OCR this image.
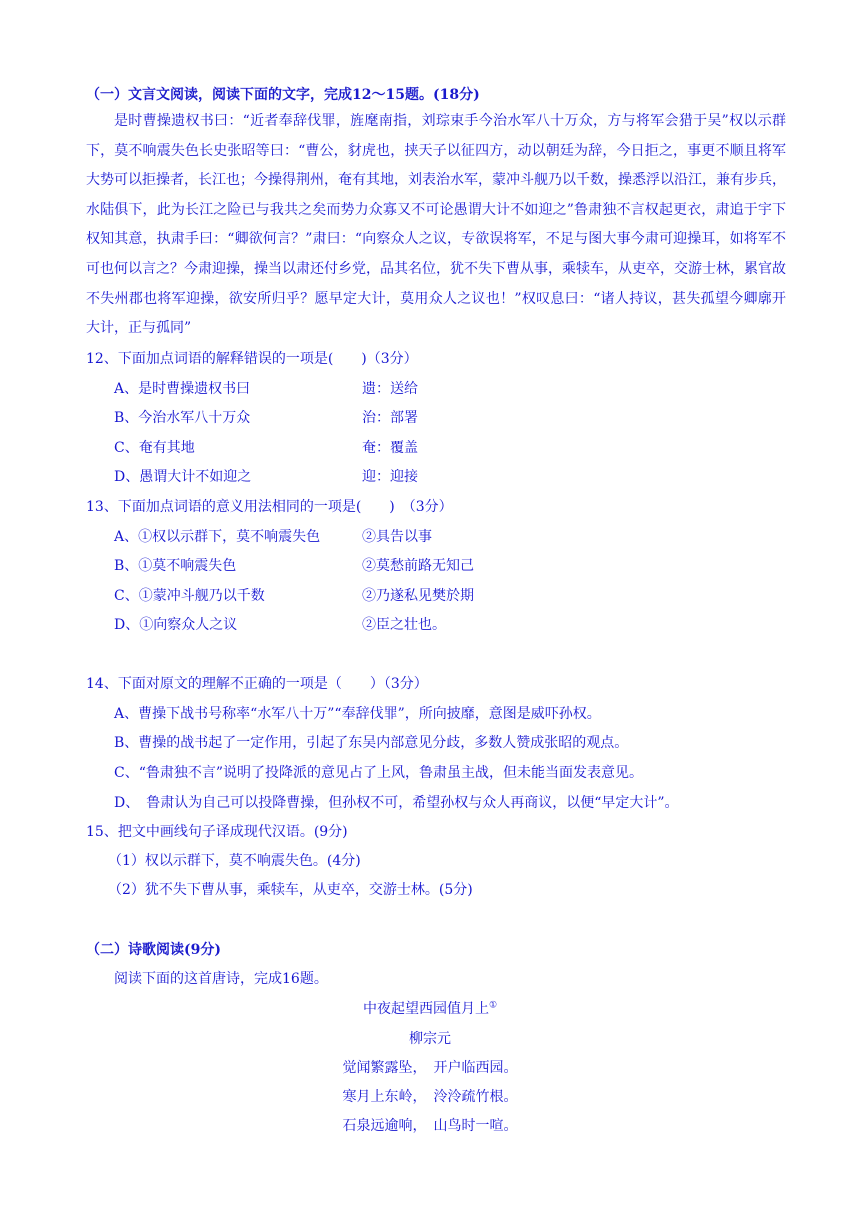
（一）文言文阅读，阅读下面的文字，完成12～15题。(18分)
是时曹操遗权书曰：“近者奉辞伐罪，旌麾南指，刘琮束手今治水军八十万众，方与将军会猎于吴”权以示群下，莫不响震失色长史张昭等曰：“曹公，豺虎也，挟天子以征四方，动以朝廷为辞，今日拒之，事更不顺且将军大势可以拒操者，长江也；今操得荆州，奄有其地，刘表治水军，蒙冲斗舰乃以千数，操悉浮以沿江，兼有步兵，水陆俱下，此为长江之险已与我共之矣而势力众寡又不可论愚谓大计不如迎之”鲁肃独不言权起更衣，肃追于宇下权知其意，执肃手曰：“卿欲何言？”肃曰：“向察众人之议，专欲误将军，不足与图大事今肃可迎操耳，如将军不可也何以言之？今肃迎操，操当以肃还付乡党，品其名位，犹不失下曹从事，乘犊车，从吏卒，交游士林，累官故不失州郡也将军迎操，欲安所归乎？愿早定大计，莫用众人之议也！”权叹息曰：“诸人持议，甚失孤望今卿廓开大计，正与孤同”
12、下面加点词语的解释错误的一项是(　　)（3分）
A、是时曹操遗权书曰	遗：送给
B、今治水军八十万众	治：部署
C、奄有其地	奄：覆盖
D、愚谓大计不如迎之	迎：迎接
13、下面加点词语的意义用法相同的一项是(　　)　（3分）
A、①权以示群下，莫不响震失色	②具告以事
B、①莫不响震失色	②莫愁前路无知己
C、①蒙冲斗舰乃以千数	②乃遂私见樊於期
D、①向察众人之议	②臣之壮也。
14、下面对原文的理解不正确的一项是（　　）（3分）
A、曹操下战书号称率“水军八十万”“奉辞伐罪”，所向披靡，意图是威吓孙权。
B、曹操的战书起了一定作用，引起了东吴内部意见分歧，多数人赞成张昭的观点。
C、“鲁肃独不言”说明了投降派的意见占了上风，鲁肃虽主战，但未能当面发表意见。
D、　鲁肃认为自己可以投降曹操，但孙权不可，希望孙权与众人再商议，以便“早定大计”。
15、把文中画线句子译成现代汉语。(9分)
（1）权以示群下，莫不响震失色。(4分)
（2）犹不失下曹从事，乘犊车，从吏卒，交游士林。(5分)
（二）诗歌阅读(9分)
阅读下面的这首唐诗，完成16题。
中夜起望西园值月上①
柳宗元
觉闻繁露坠，　开户临西园。
寒月上东岭，　泠泠疏竹根。
石泉远逾响，　山鸟时一喧。
